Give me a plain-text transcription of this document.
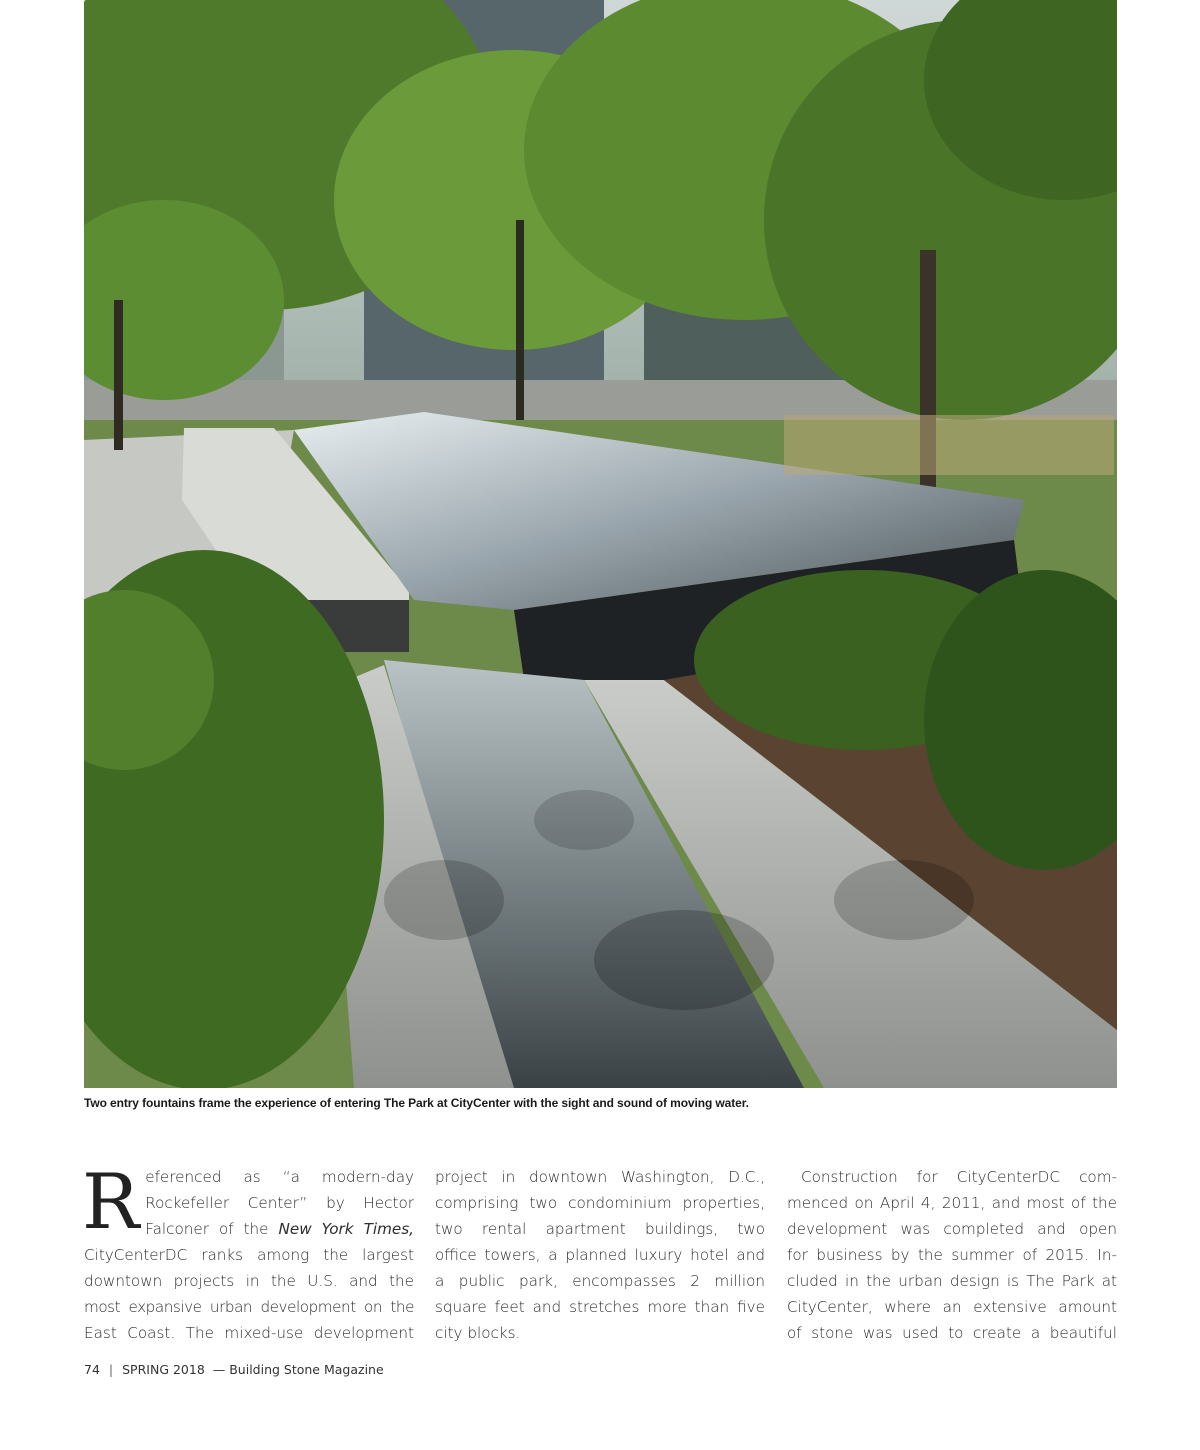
Two entry fountains frame the experience of entering The Park at CityCenter with the sight and sound of moving water.
R eferenced as “a modern-day
Rockefeller Center” by Hector
Falconer of the New York Times,
CityCenterDC ranks among the largest
downtown projects in the U.S. and the
most expansive urban development on the
East Coast. The mixed-use development
project in downtown Washington, D.C.,
comprising two condominium properties,
two rental apartment buildings, two
office towers, a planned luxury hotel and
a public park, encompasses 2 million
square feet and stretches more than five
city blocks.
Construction for CityCenterDC com-
menced on April 4, 2011, and most of the
development was completed and open
for business by the summer of 2015. In-
cluded in the urban design is The Park at
CityCenter, where an extensive amount
of stone was used to create a beautiful
74 | SPRING 2018 — Building Stone Magazine
